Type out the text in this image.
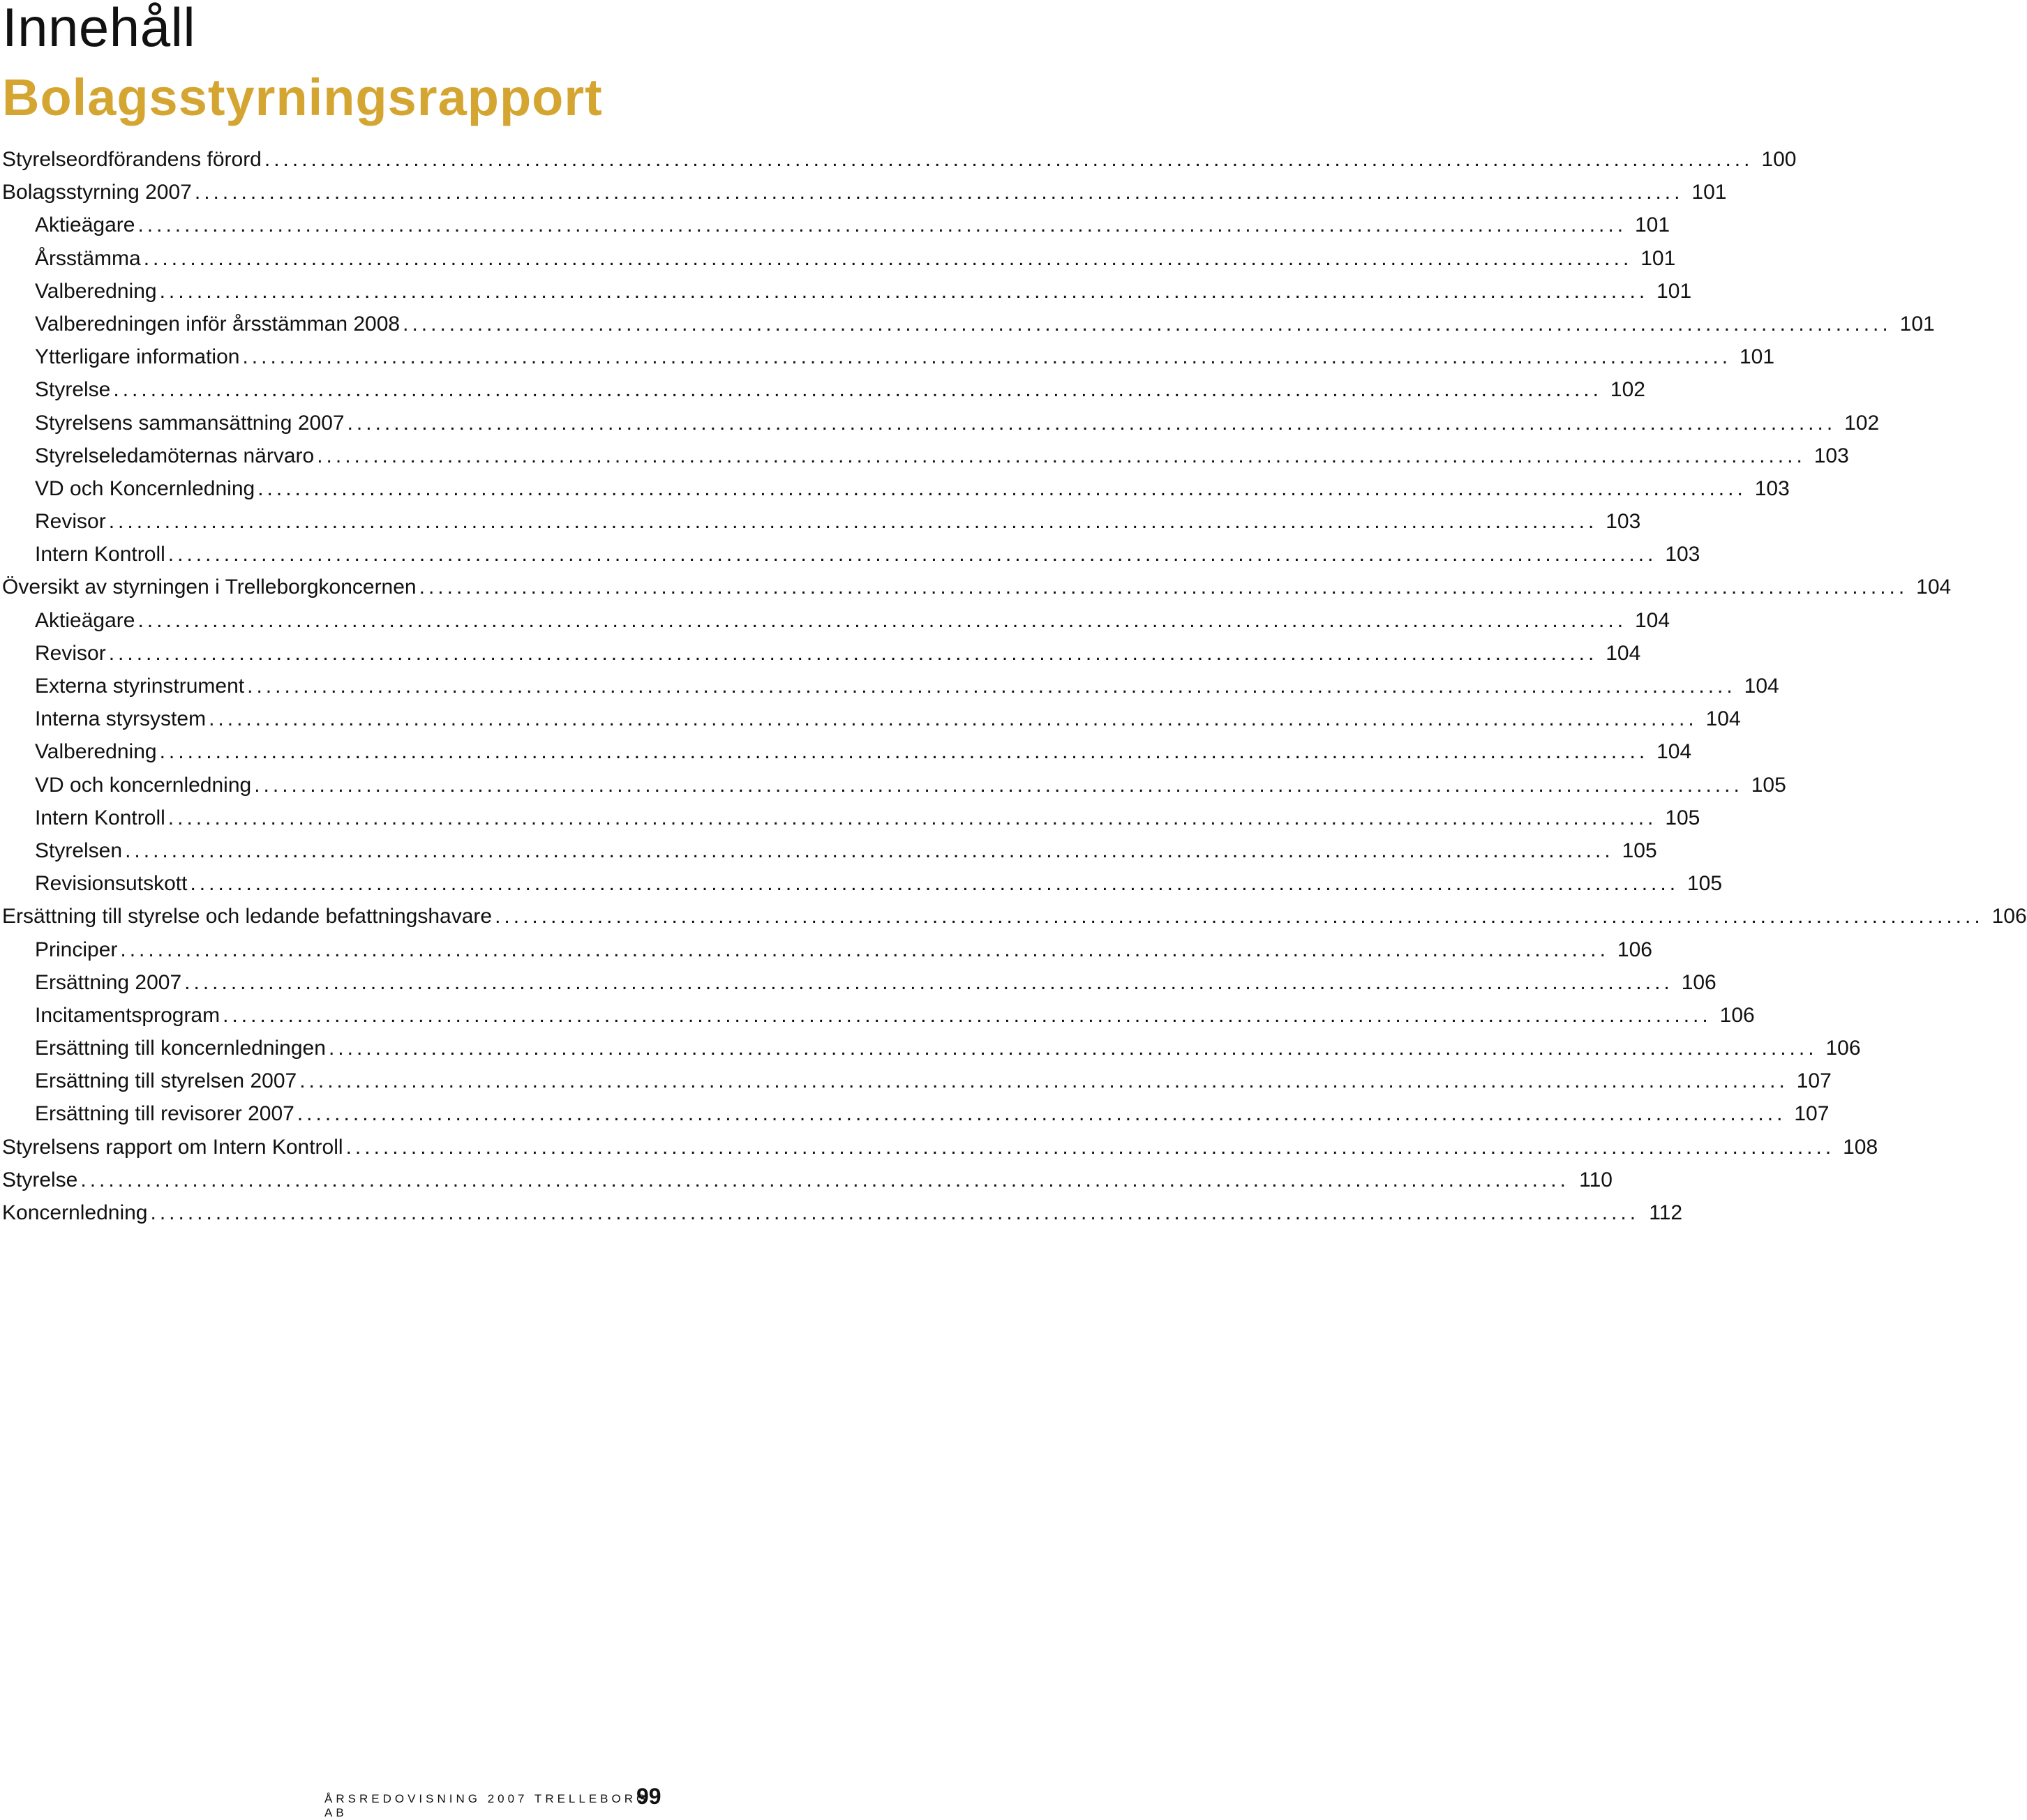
Innehåll
Bolagsstyrningsrapport
Styrelseordförandens förord ................................................................................................................................................................ 100
Bolagsstyrning 2007 ................................................................................................................................................................ 101
Aktieägare ................................................................................................................................................................ 101
Årsstämma ................................................................................................................................................................ 101
Valberedning ................................................................................................................................................................ 101
Valberedningen inför årsstämman 2008 ................................................................................................................................................................ 101
Ytterligare information ................................................................................................................................................................ 101
Styrelse ................................................................................................................................................................ 102
Styrelsens sammansättning 2007 ................................................................................................................................................................ 102
Styrelseledamöternas närvaro ................................................................................................................................................................ 103
VD och Koncernledning ................................................................................................................................................................ 103
Revisor ................................................................................................................................................................ 103
Intern Kontroll ................................................................................................................................................................ 103
Översikt av styrningen i Trelleborgkoncernen ................................................................................................................................................................ 104
Aktieägare ................................................................................................................................................................ 104
Revisor ................................................................................................................................................................ 104
Externa styrinstrument ................................................................................................................................................................ 104
Interna styrsystem ................................................................................................................................................................ 104
Valberedning ................................................................................................................................................................ 104
VD och koncernledning ................................................................................................................................................................ 105
Intern Kontroll ................................................................................................................................................................ 105
Styrelsen ................................................................................................................................................................ 105
Revisionsutskott ................................................................................................................................................................ 105
Ersättning till styrelse och ledande befattningshavare ................................................................................................................................................................ 106
Principer ................................................................................................................................................................ 106
Ersättning 2007 ................................................................................................................................................................ 106
Incitamentsprogram ................................................................................................................................................................ 106
Ersättning till koncernledningen ................................................................................................................................................................ 106
Ersättning till styrelsen 2007 ................................................................................................................................................................ 107
Ersättning till revisorer 2007 ................................................................................................................................................................ 107
Styrelsens rapport om Intern Kontroll ................................................................................................................................................................ 108
Styrelse ................................................................................................................................................................ 110
Koncernledning ................................................................................................................................................................ 112
ÅRSREDOVISNING 2007 TRELLEBORG AB
99
